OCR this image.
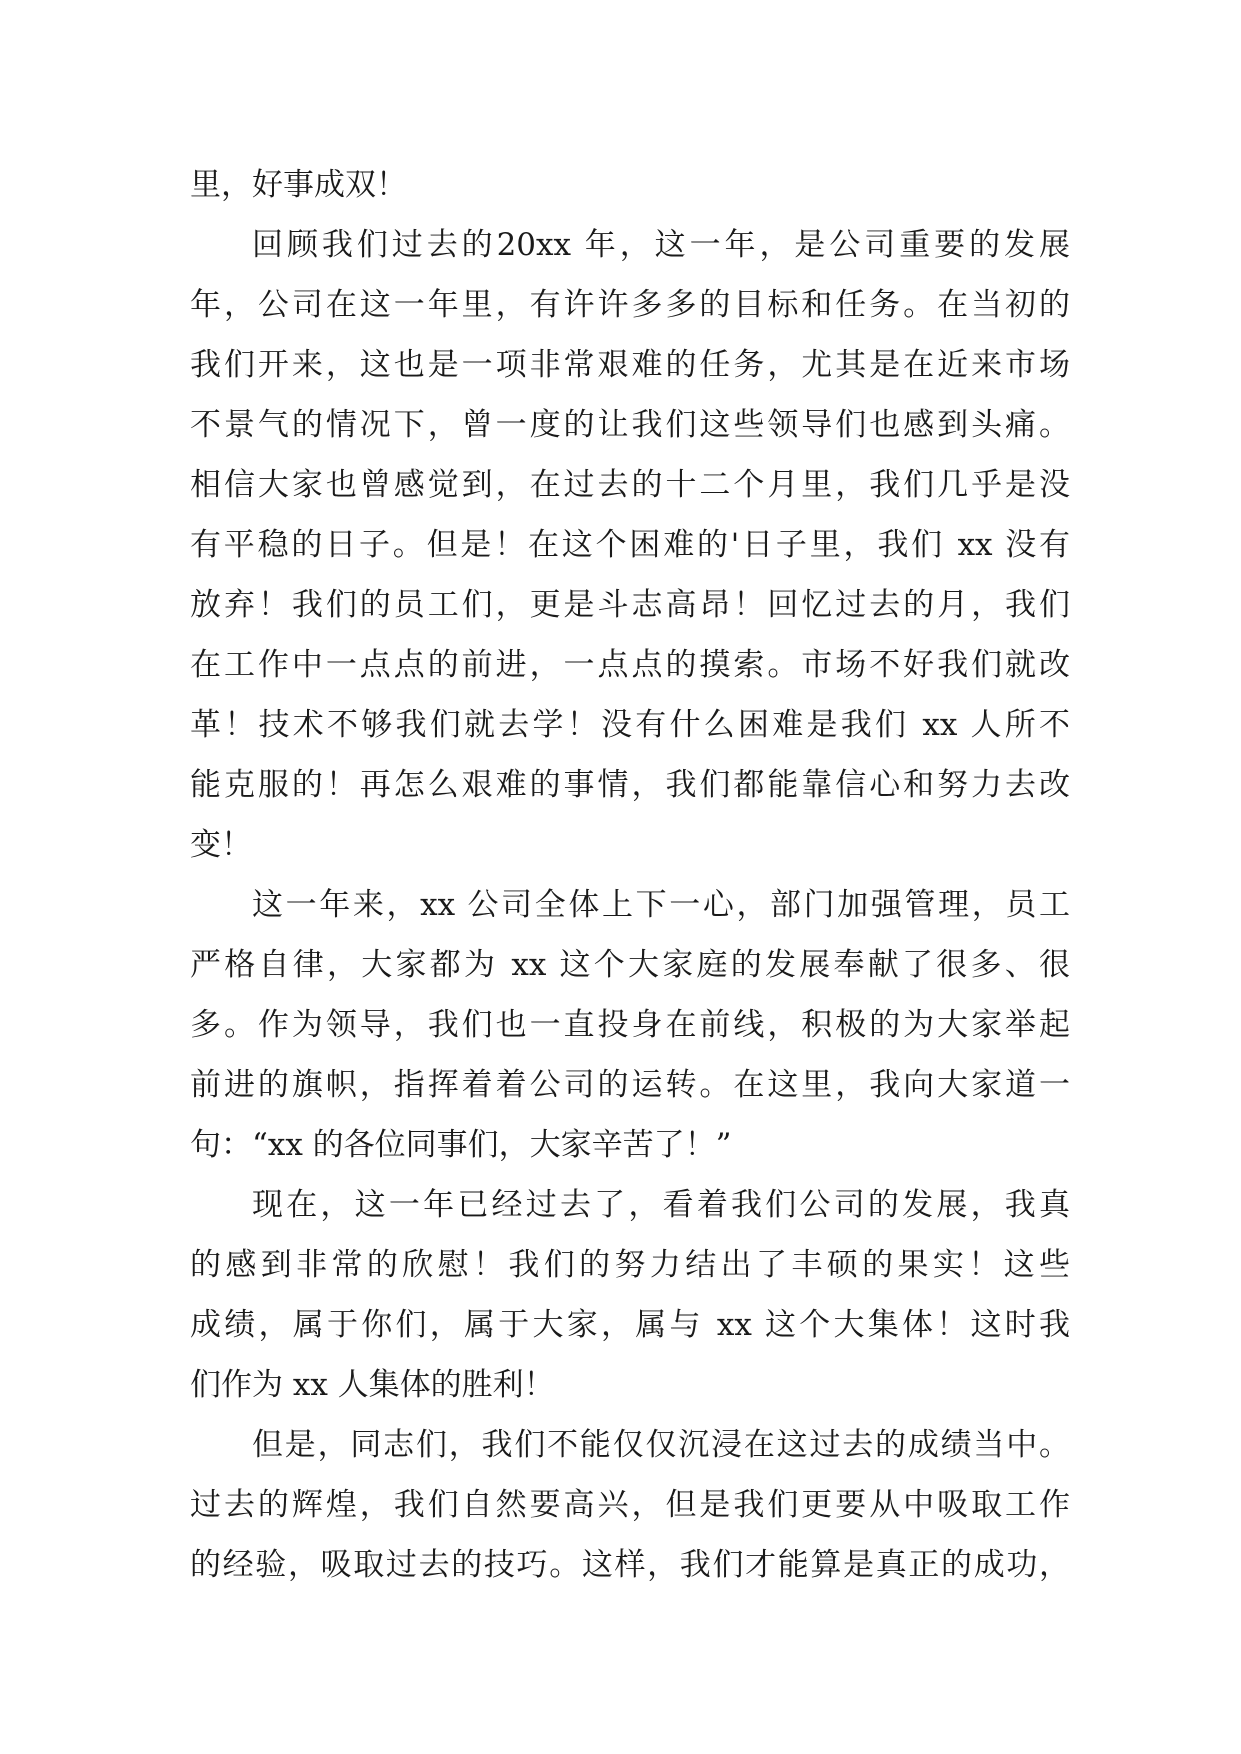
里，好事成双！
回顾我们过去的20xx 年，这一年，是公司重要的发展
年，公司在这一年里，有许许多多的目标和任务。在当初的
我们开来，这也是一项非常艰难的任务，尤其是在近来市场
不景气的情况下，曾一度的让我们这些领导们也感到头痛。
相信大家也曾感觉到，在过去的十二个月里，我们几乎是没
有平稳的日子。但是！在这个困难的'日子里，我们 xx 没有
放弃！我们的员工们，更是斗志高昂！回忆过去的月，我们
在工作中一点点的前进，一点点的摸索。市场不好我们就改
革！技术不够我们就去学！没有什么困难是我们 xx 人所不
能克服的！再怎么艰难的事情，我们都能靠信心和努力去改
变！
这一年来，xx 公司全体上下一心，部门加强管理，员工
严格自律，大家都为 xx 这个大家庭的发展奉献了很多、很
多。作为领导，我们也一直投身在前线，积极的为大家举起
前进的旗帜，指挥着着公司的运转。在这里，我向大家道一
句：“xx 的各位同事们，大家辛苦了！”
现在，这一年已经过去了，看着我们公司的发展，我真
的感到非常的欣慰！我们的努力结出了丰硕的果实！这些
成绩，属于你们，属于大家，属与 xx 这个大集体！这时我
们作为 xx 人集体的胜利！
但是，同志们，我们不能仅仅沉浸在这过去的成绩当中。
过去的辉煌，我们自然要高兴，但是我们更要从中吸取工作
的经验，吸取过去的技巧。这样，我们才能算是真正的成功，
